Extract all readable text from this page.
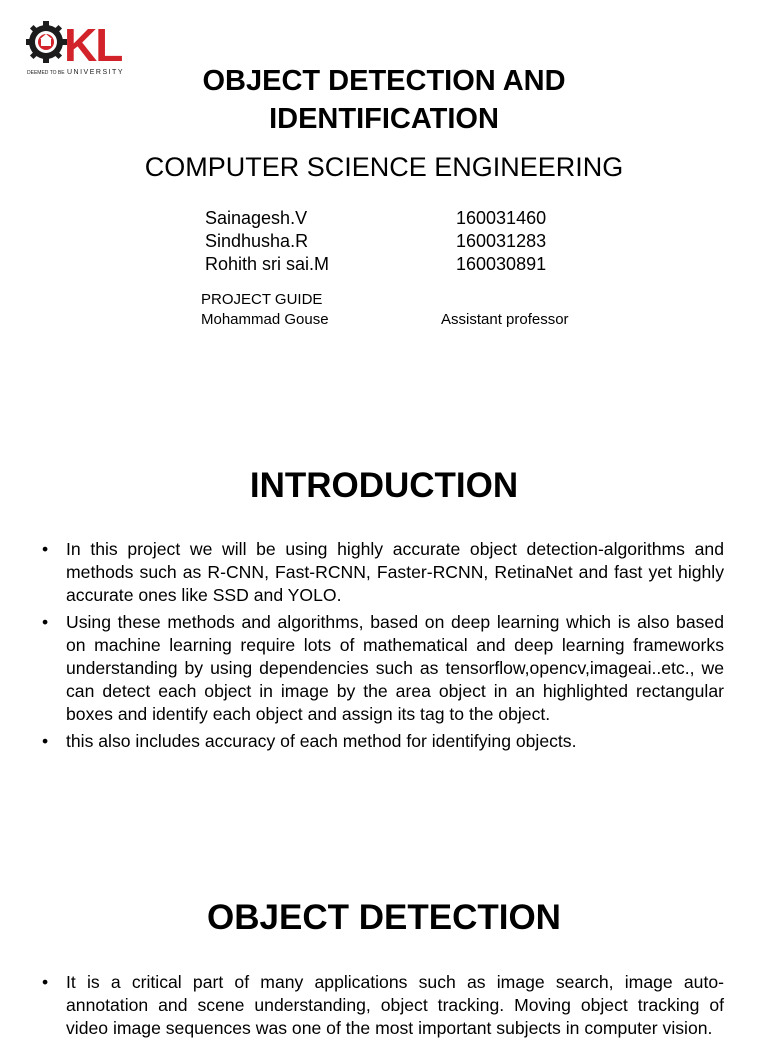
KL
DEEMED TO BE UNIVERSITY	OBJECT DETECTION AND
IDENTIFICATION

COMPUTER SCIENCE ENGINEERING

Sainagesh.V	160031460

Sindhusha.R	160031283

Rohith sri sai.M	160030891

PROJECT GUIDE

Mohammad Gouse	Assistant professor

INTRODUCTION
• In this project we will be using highly accurate object detection-algorithms and methods such as R-CNN, Fast-RCNN, Faster-RCNN, RetinaNet and fast yet highly accurate ones like SSD and YOLO.
• Using these methods and algorithms, based on deep learning which is also based on machine learning require lots of mathematical and deep learning frameworks understanding by using dependencies such as tensorflow,opencv,imageai..etc., we can detect each object in image by the area object in an highlighted rectangular boxes and identify each object and assign its tag to the object.
• this also includes accuracy of each method for identifying objects.
OBJECT DETECTION
• It is a critical part of many applications such as image search, image auto-annotation and scene understanding, object tracking. Moving object tracking of video image sequences was one of the most important subjects in computer vision.
